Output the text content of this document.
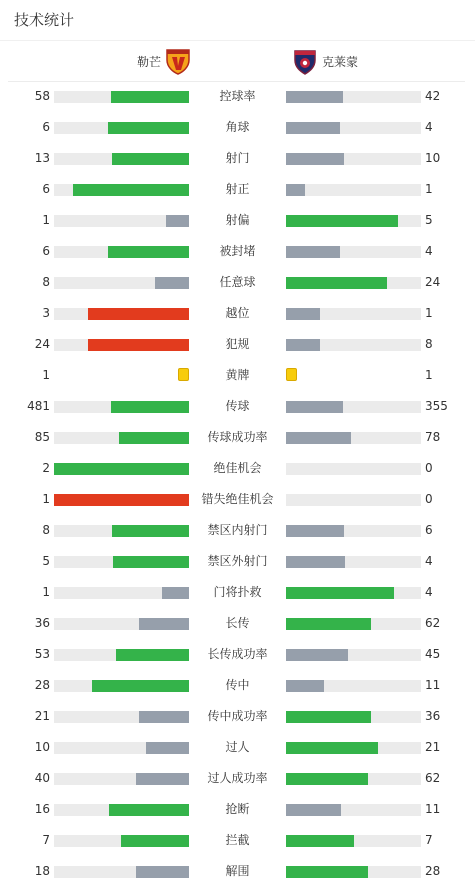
技术统计
勒芒	克莱蒙
58	控球率	42
6	角球	4
13	射门	10
6	射正	1
1	射偏	5
6	被封堵	4
8	任意球	24
3	越位	1
24	犯规	8
1	黄牌	1
481	传球	355
85	传球成功率	78
2	绝佳机会	0
1	错失绝佳机会	0
8	禁区内射门	6
5	禁区外射门	4
1	门将扑救	4
36	长传	62
53	长传成功率	45
28	传中	11
21	传中成功率	36
10	过人	21
40	过人成功率	62
16	抢断	11
7	拦截	7
18	解围	28
